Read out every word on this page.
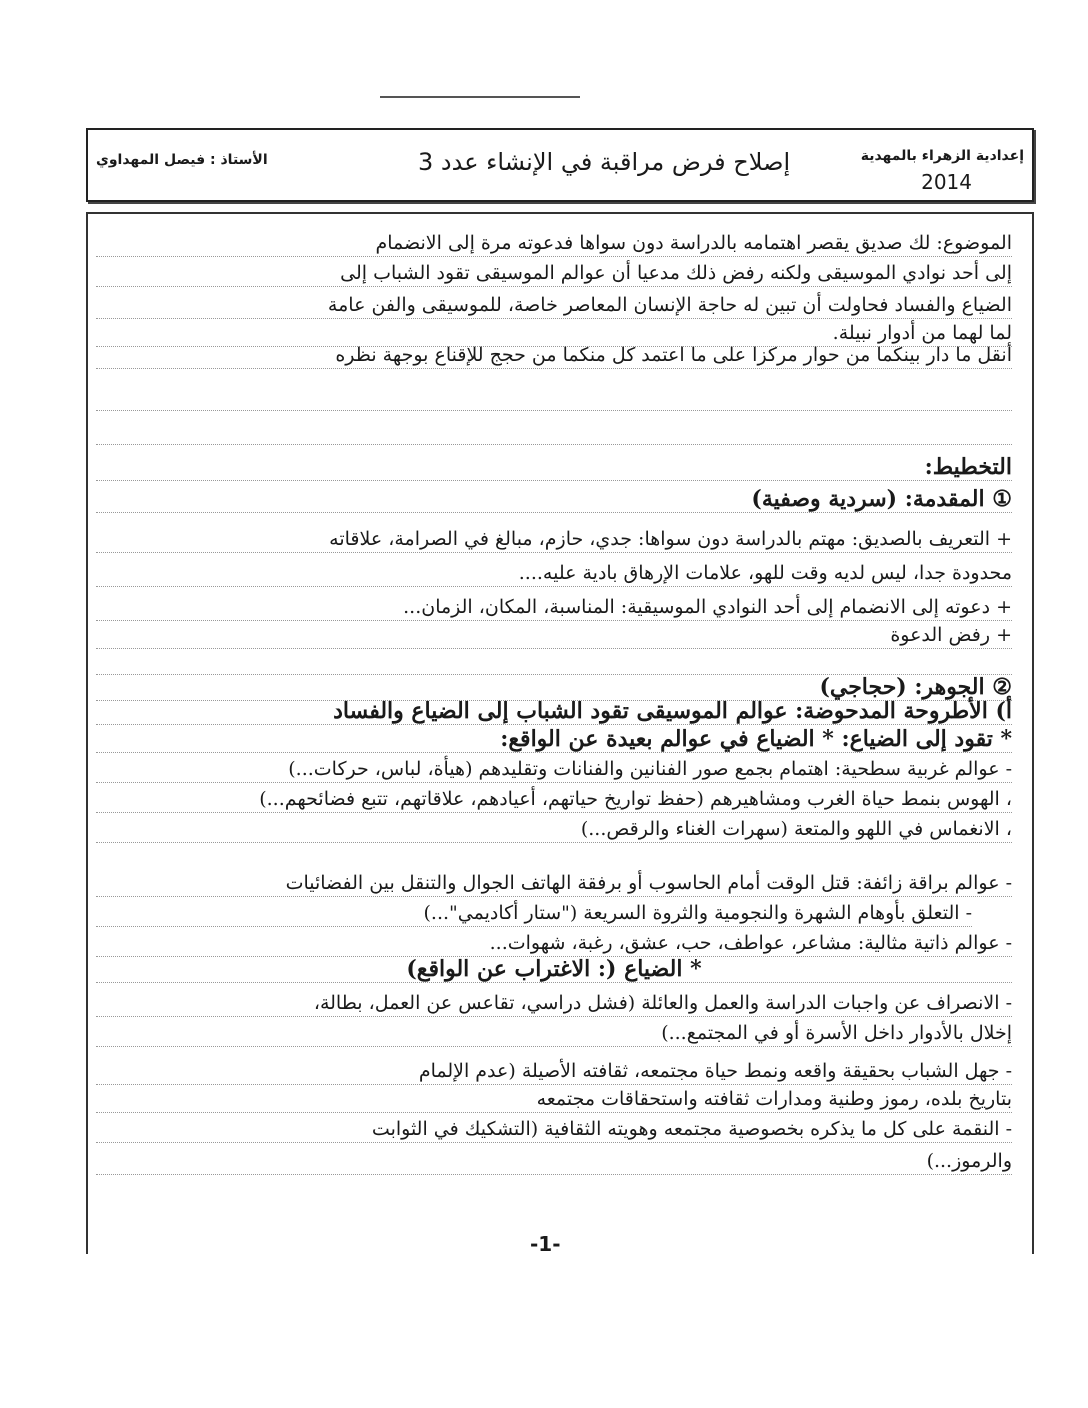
إعدادية الزهراء بالمهدية
2014
إصلاح فرض مراقبة في الإنشاء عدد 3
الأستاذ : فيصل المهداوي
الموضوع: لك صديق يقصر اهتمامه بالدراسة دون سواها فدعوته مرة إلى الانضمام
إلى أحد نوادي الموسيقى ولكنه رفض ذلك مدعيا أن عوالم الموسيقى تقود الشباب إلى
الضياع والفساد فحاولت أن تبين له حاجة الإنسان المعاصر خاصة، للموسيقى والفن عامة
لما لهما من أدوار نبيلة.
أنقل ما دار بينكما من حوار مركزا على ما اعتمد كل منكما من حجج للإقناع بوجهة نظره

التخطيط:
① المقدمة: (سردية وصفية)
+ التعريف بالصديق: مهتم بالدراسة دون سواها: جدي، حازم، مبالغ في الصرامة، علاقاته
محدودة جدا، ليس لديه وقت للهو، علامات الإرهاق بادية عليه....
+ دعوته إلى الانضمام إلى أحد النوادي الموسيقية: المناسبة، المكان، الزمان...
+ رفض الدعوة

② الجوهر: (حجاجي)
أ) الأطروحة المدحوضة: عوالم الموسيقى تقود الشباب إلى الضياع والفساد
* تقود إلى الضياع: * الضياع في عوالم بعيدة عن الواقع:
- عوالم غربية سطحية: اهتمام بجمع صور الفنانين والفنانات وتقليدهم (هيأة، لباس، حركات...)
، الهوس بنمط حياة الغرب ومشاهيرهم (حفظ تواريخ حياتهم، أعيادهم، علاقاتهم، تتبع فضائحهم...)
، الانغماس في اللهو والمتعة (سهرات الغناء والرقص...)
- عوالم براقة زائفة: قتل الوقت أمام الحاسوب أو برفقة الهاتف الجوال والتنقل بين الفضائيات
- التعلق بأوهام الشهرة والنجومية والثروة السريعة ("ستار أكاديمي"...)
- عوالم ذاتية مثالية: مشاعر، عواطف، حب، عشق، رغبة، شهوات...
* الضياع (: الاغتراب عن الواقع)
- الانصراف عن واجبات الدراسة والعمل والعائلة (فشل دراسي، تقاعس عن العمل، بطالة،
إخلال بالأدوار داخل الأسرة أو في المجتمع...)
- جهل الشباب بحقيقة واقعه ونمط حياة مجتمعه، ثقافته الأصيلة (عدم الإلمام
بتاريخ بلده، رموز وطنية ومدارات ثقافته واستحقاقات مجتمعه
- النقمة على كل ما يذكره بخصوصية مجتمعه وهويته الثقافية (التشكيك في الثوابت
والرموز...)
-1-
